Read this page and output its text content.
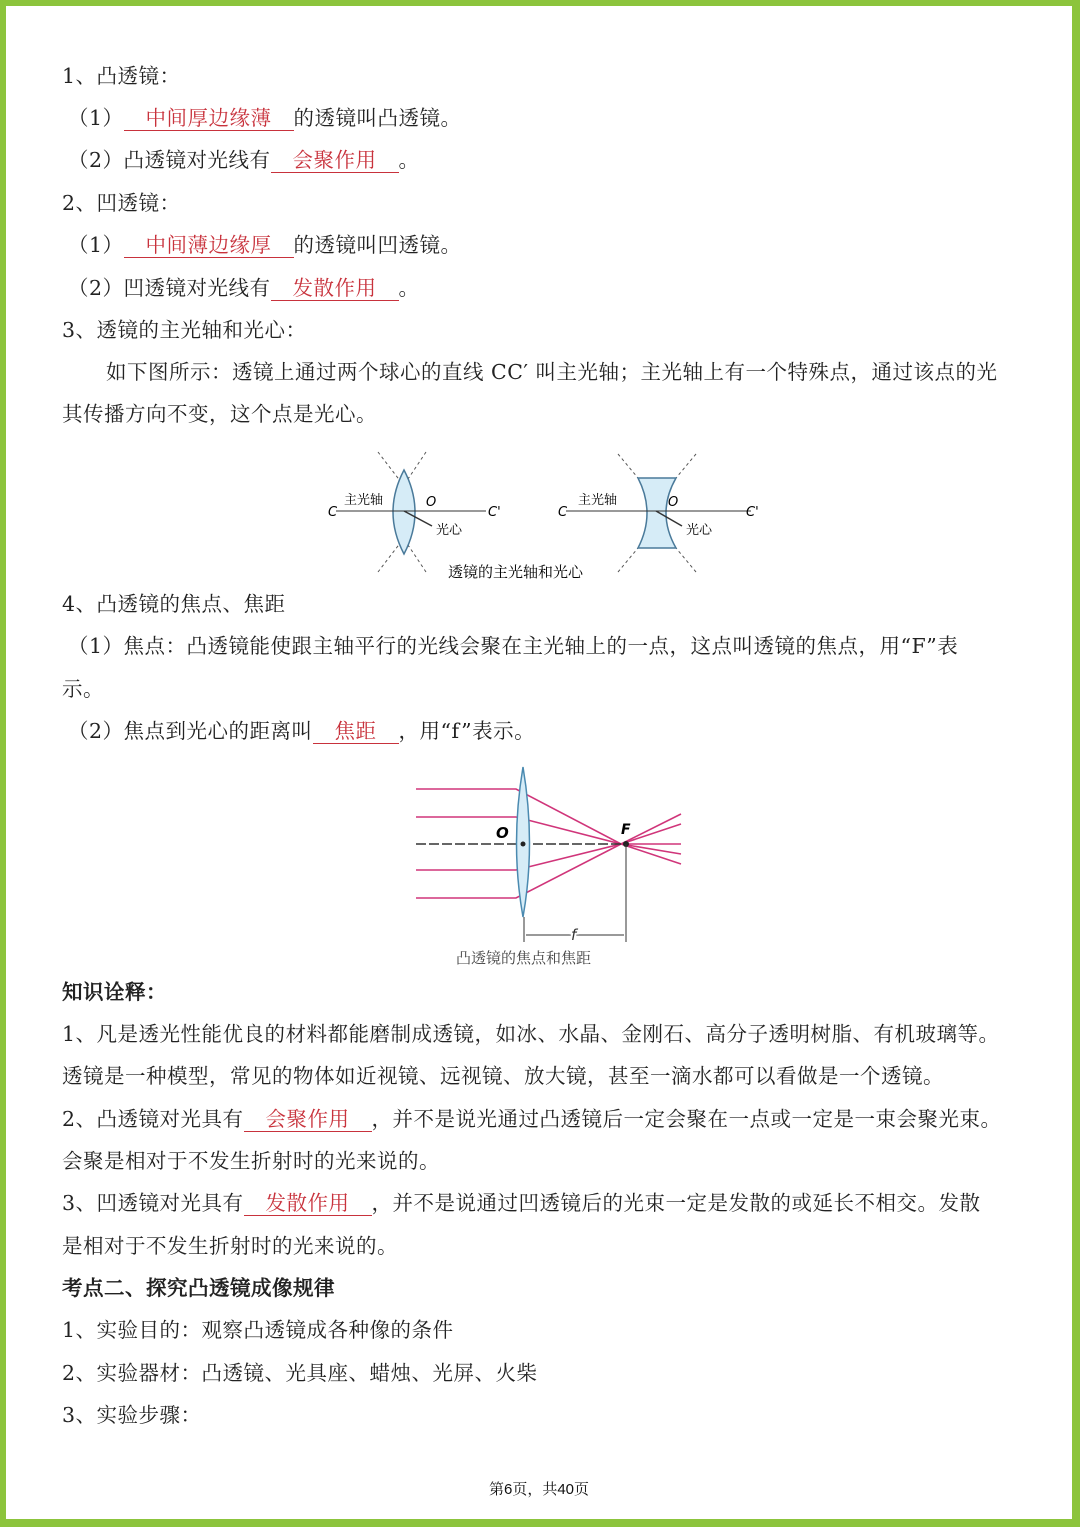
1、凸透镜：
（1） 中间厚边缘薄 的透镜叫凸透镜。
（2）凸透镜对光线有 会聚作用 。
2、凹透镜：
（1） 中间薄边缘厚 的透镜叫凹透镜。
（2）凹透镜对光线有 发散作用 。
3、透镜的主光轴和光心：
如下图所示：透镜上通过两个球心的直线 CC′ 叫主光轴；主光轴上有一个特殊点，通过该点的光
其传播方向不变，这个点是光心。
C
主光轴	O
C'
光心
C
主光轴	O
C'
光心
透镜的主光轴和光心
4、凸透镜的焦点、焦距
（1）焦点：凸透镜能使跟主轴平行的光线会聚在主光轴上的一点，这点叫透镜的焦点，用“F”表
示。
（2）焦点到光心的距离叫 焦距 ，用“f”表示。
O	F
f
凸透镜的焦点和焦距
知识诠释：
1、凡是透光性能优良的材料都能磨制成透镜，如冰、水晶、金刚石、高分子透明树脂、有机玻璃等。
透镜是一种模型，常见的物体如近视镜、远视镜、放大镜，甚至一滴水都可以看做是一个透镜。
2、凸透镜对光具有 会聚作用 ，并不是说光通过凸透镜后一定会聚在一点或一定是一束会聚光束。
会聚是相对于不发生折射时的光来说的。
3、凹透镜对光具有 发散作用 ，并不是说通过凹透镜后的光束一定是发散的或延长不相交。发散
是相对于不发生折射时的光来说的。
考点二、探究凸透镜成像规律
1、实验目的：观察凸透镜成各种像的条件
2、实验器材：凸透镜、光具座、蜡烛、光屏、火柴
3、实验步骤：
第6页，共40页
